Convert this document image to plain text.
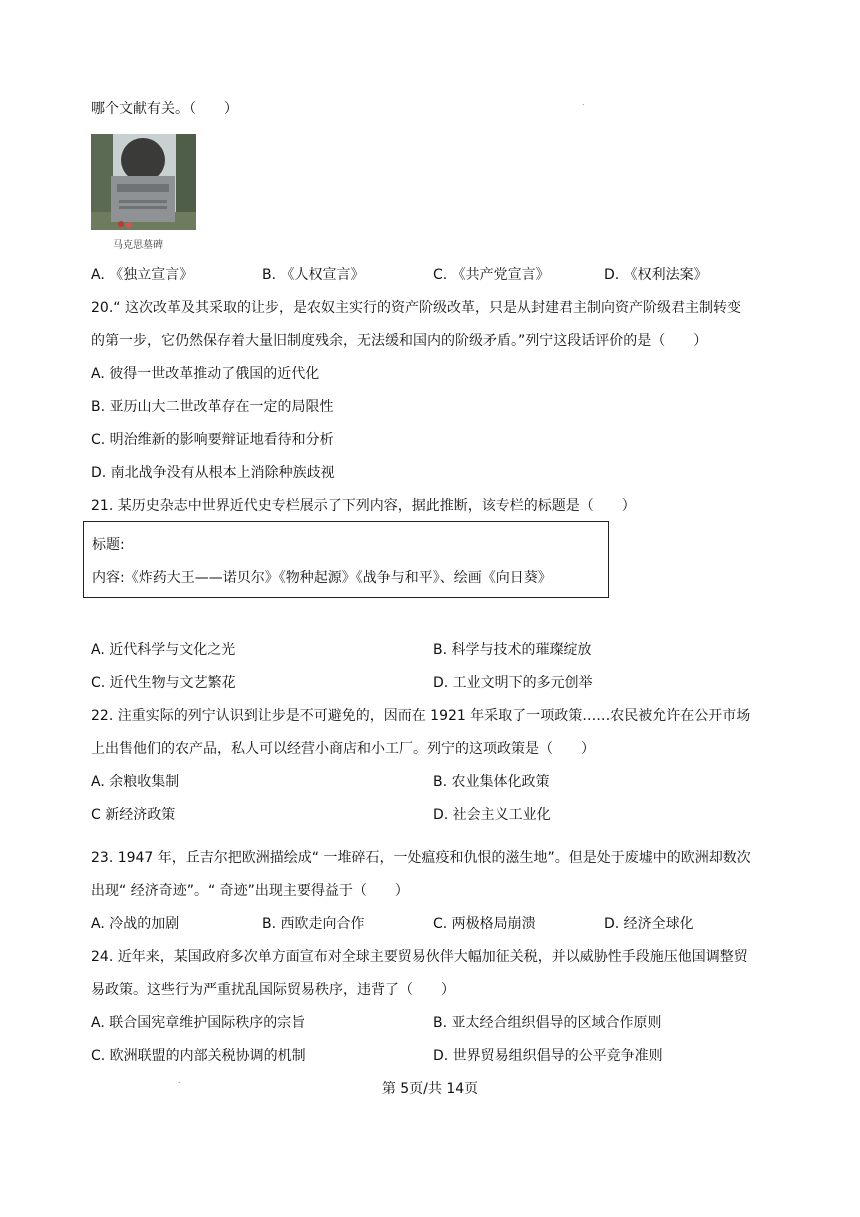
哪个文献有关。（　　）	.
马克思墓碑
A. 《独立宣言》	B. 《人权宣言》	C. 《共产党宣言》	D. 《权利法案》
20.“ 这次改革及其采取的让步，是农奴主实行的资产阶级改革，只是从封建君主制向资产阶级君主制转变
的第一步，它仍然保存着大量旧制度残余，无法缓和国内的阶级矛盾。”列宁这段话评价的是（　　）
A. 彼得一世改革推动了俄国的近代化
B. 亚历山大二世改革存在一定的局限性
C. 明治维新的影响要辩证地看待和分析
D. 南北战争没有从根本上消除种族歧视
21. 某历史杂志中世界近代史专栏展示了下列内容，据此推断，该专栏的标题是（　　）
标题:
内容:《炸药大王——诺贝尔》《物种起源》《战争与和平》、绘画《向日葵》
A. 近代科学与文化之光	B. 科学与技术的璀璨绽放
C. 近代生物与文艺繁花	D. 工业文明下的多元创举
22. 注重实际的列宁认识到让步是不可避免的，因而在 1921 年采取了一项政策……农民被允许在公开市场
上出售他们的农产品，私人可以经营小商店和小工厂。列宁的这项政策是（　　）
A. 余粮收集制	B. 农业集体化政策
C 新经济政策	D. 社会主义工业化
23. 1947 年，丘吉尔把欧洲描绘成“ 一堆碎石，一处瘟疫和仇恨的滋生地”。但是处于废墟中的欧洲却数次
出现“ 经济奇迹”。“ 奇迹”出现主要得益于（　　）
A. 冷战的加剧	B. 西欧走向合作	C. 两极格局崩溃	D. 经济全球化
24. 近年来，某国政府多次单方面宣布对全球主要贸易伙伴大幅加征关税，并以威胁性手段施压他国调整贸
易政策。这些行为严重扰乱国际贸易秩序，违背了（　　）
A. 联合国宪章维护国际秩序的宗旨	B. 亚太经合组织倡导的区域合作原则
C. 欧洲联盟的内部关税协调的机制	D. 世界贸易组织倡导的公平竞争准则
.
第 5页/共 14页
